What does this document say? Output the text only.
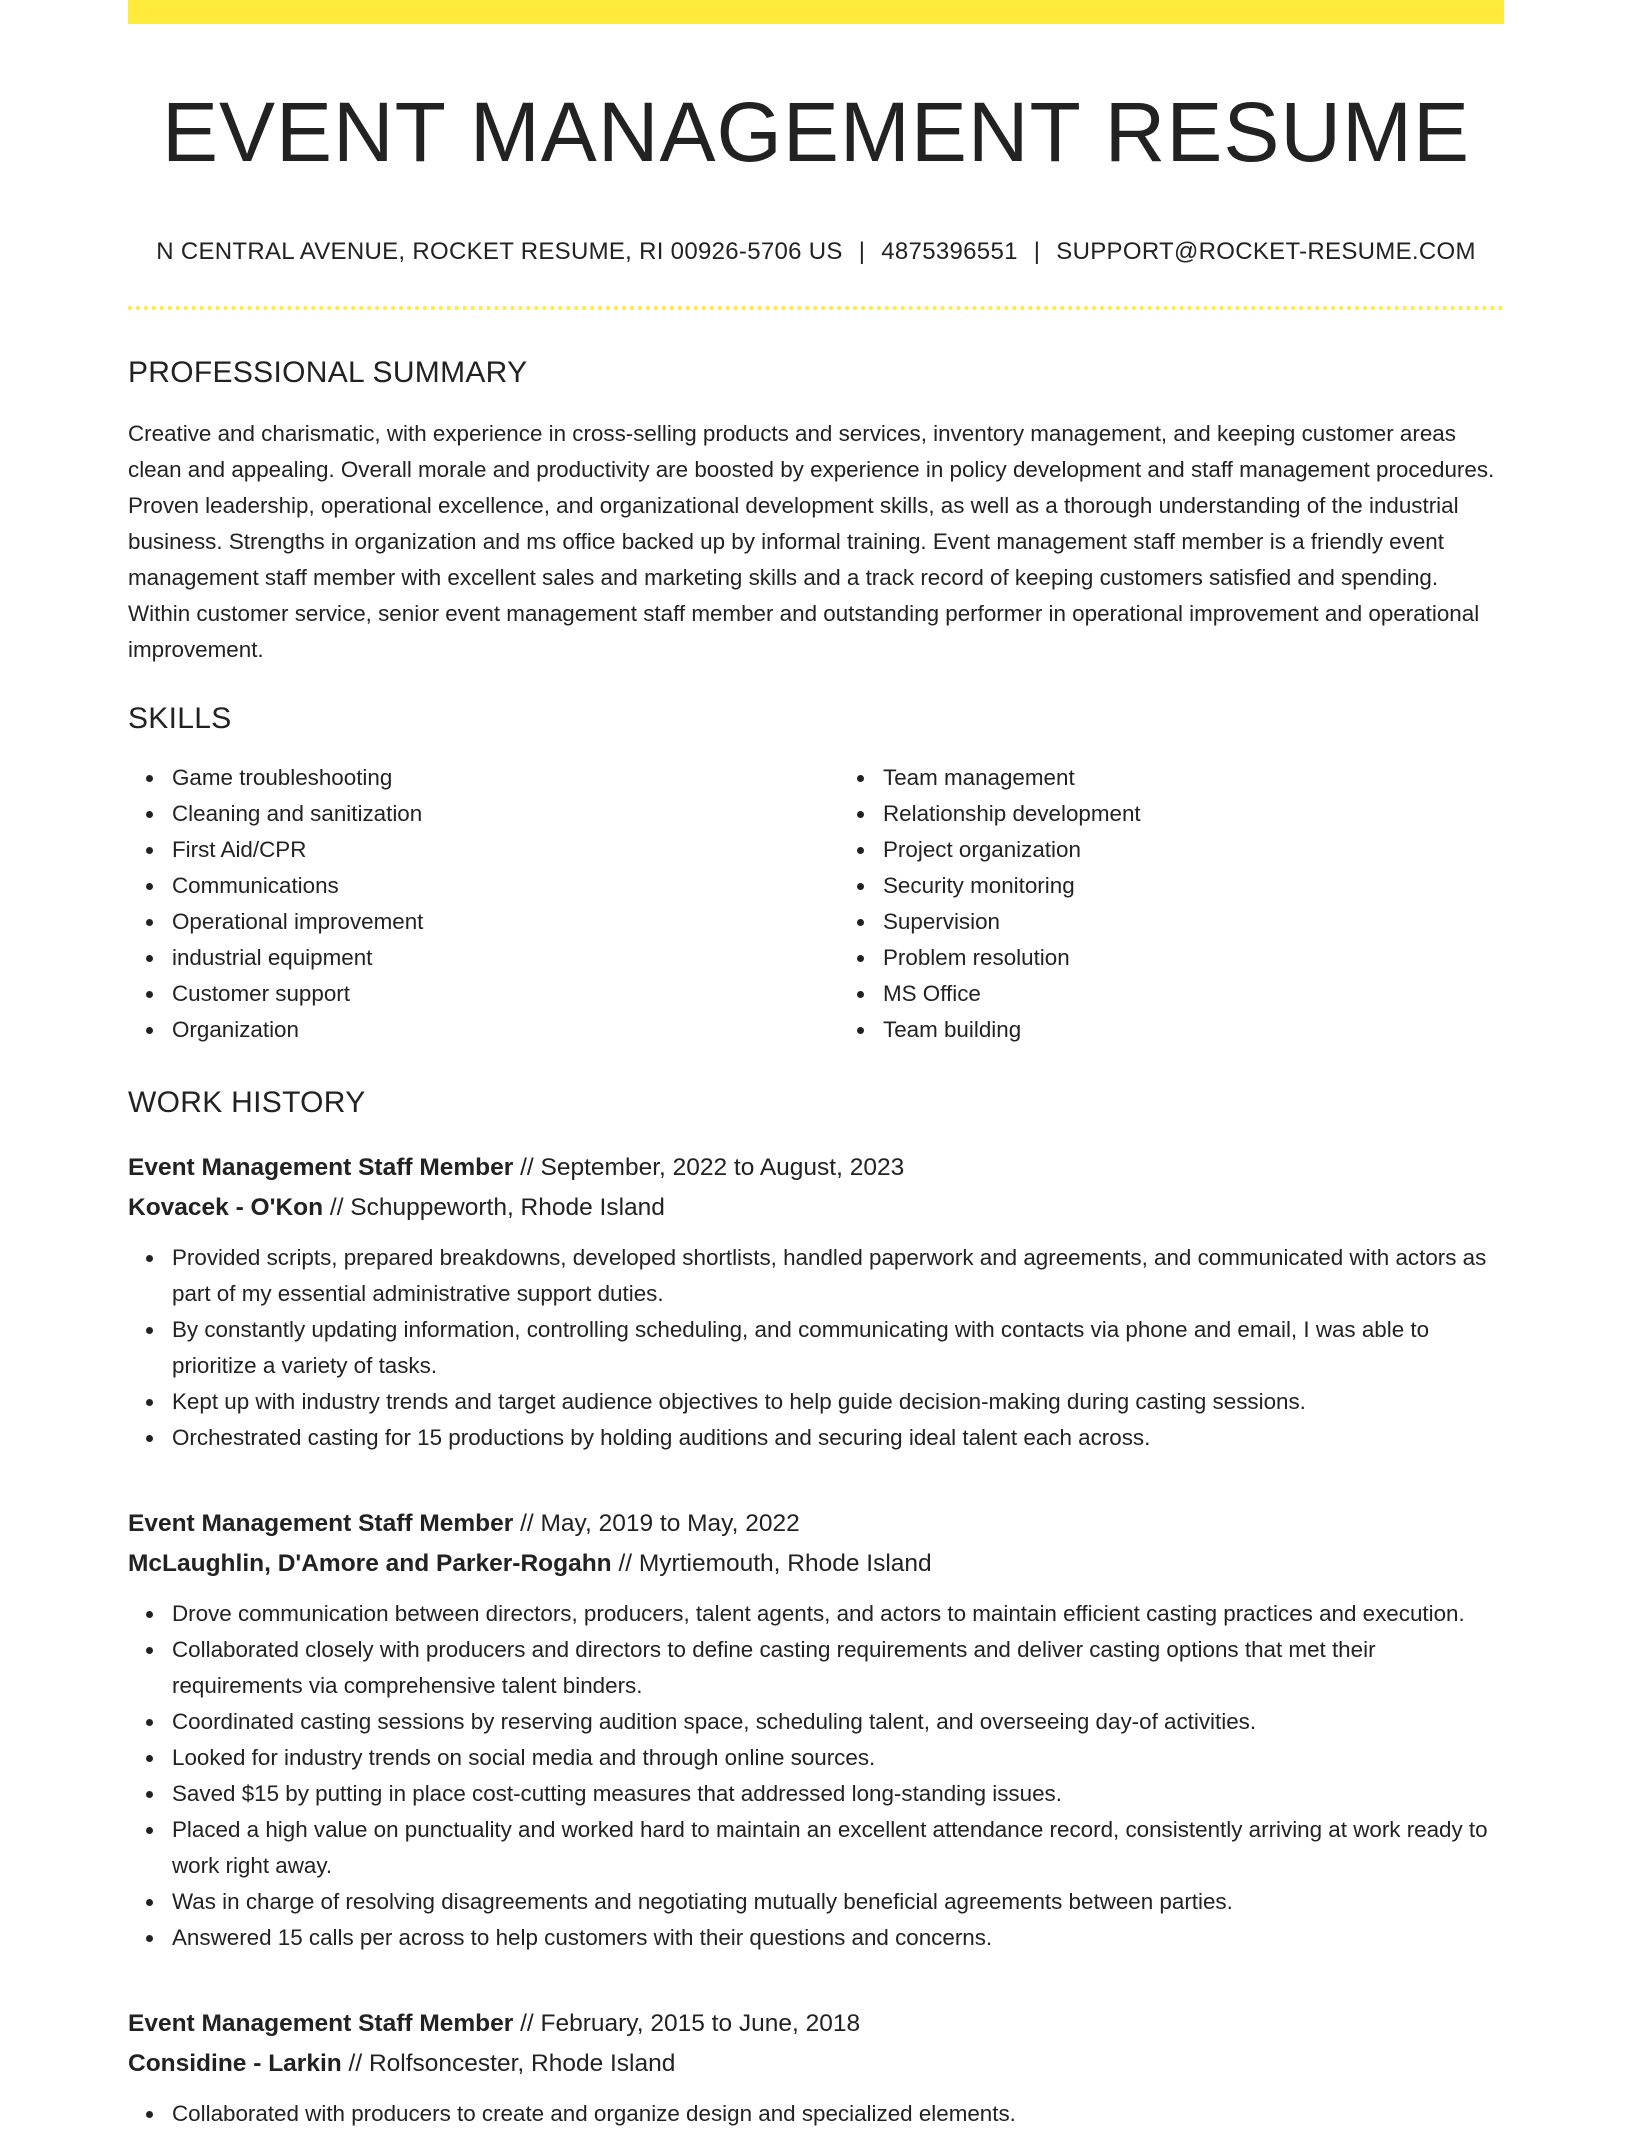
EVENT MANAGEMENT RESUME
N CENTRAL AVENUE, ROCKET RESUME, RI 00926-5706 US | 4875396551 | SUPPORT@ROCKET-RESUME.COM
PROFESSIONAL SUMMARY
Creative and charismatic, with experience in cross-selling products and services, inventory management, and keeping customer areas clean and appealing. Overall morale and productivity are boosted by experience in policy development and staff management procedures. Proven leadership, operational excellence, and organizational development skills, as well as a thorough understanding of the industrial business. Strengths in organization and ms office backed up by informal training. Event management staff member is a friendly event management staff member with excellent sales and marketing skills and a track record of keeping customers satisfied and spending. Within customer service, senior event management staff member and outstanding performer in operational improvement and operational improvement.
SKILLS
Game troubleshooting
Cleaning and sanitization
First Aid/CPR
Communications
Operational improvement
industrial equipment
Customer support
Organization
Team management
Relationship development
Project organization
Security monitoring
Supervision
Problem resolution
MS Office
Team building
WORK HISTORY
Event Management Staff Member // September, 2022 to August, 2023
Kovacek - O'Kon // Schuppeworth, Rhode Island
Provided scripts, prepared breakdowns, developed shortlists, handled paperwork and agreements, and communicated with actors as part of my essential administrative support duties.
By constantly updating information, controlling scheduling, and communicating with contacts via phone and email, I was able to prioritize a variety of tasks.
Kept up with industry trends and target audience objectives to help guide decision-making during casting sessions.
Orchestrated casting for 15 productions by holding auditions and securing ideal talent each across.
Event Management Staff Member // May, 2019 to May, 2022
McLaughlin, D'Amore and Parker-Rogahn // Myrtiemouth, Rhode Island
Drove communication between directors, producers, talent agents, and actors to maintain efficient casting practices and execution.
Collaborated closely with producers and directors to define casting requirements and deliver casting options that met their requirements via comprehensive talent binders.
Coordinated casting sessions by reserving audition space, scheduling talent, and overseeing day-of activities.
Looked for industry trends on social media and through online sources.
Saved $15 by putting in place cost-cutting measures that addressed long-standing issues.
Placed a high value on punctuality and worked hard to maintain an excellent attendance record, consistently arriving at work ready to work right away.
Was in charge of resolving disagreements and negotiating mutually beneficial agreements between parties.
Answered 15 calls per across to help customers with their questions and concerns.
Event Management Staff Member // February, 2015 to June, 2018
Considine - Larkin // Rolfsoncester, Rhode Island
Collaborated with producers to create and organize design and specialized elements.
